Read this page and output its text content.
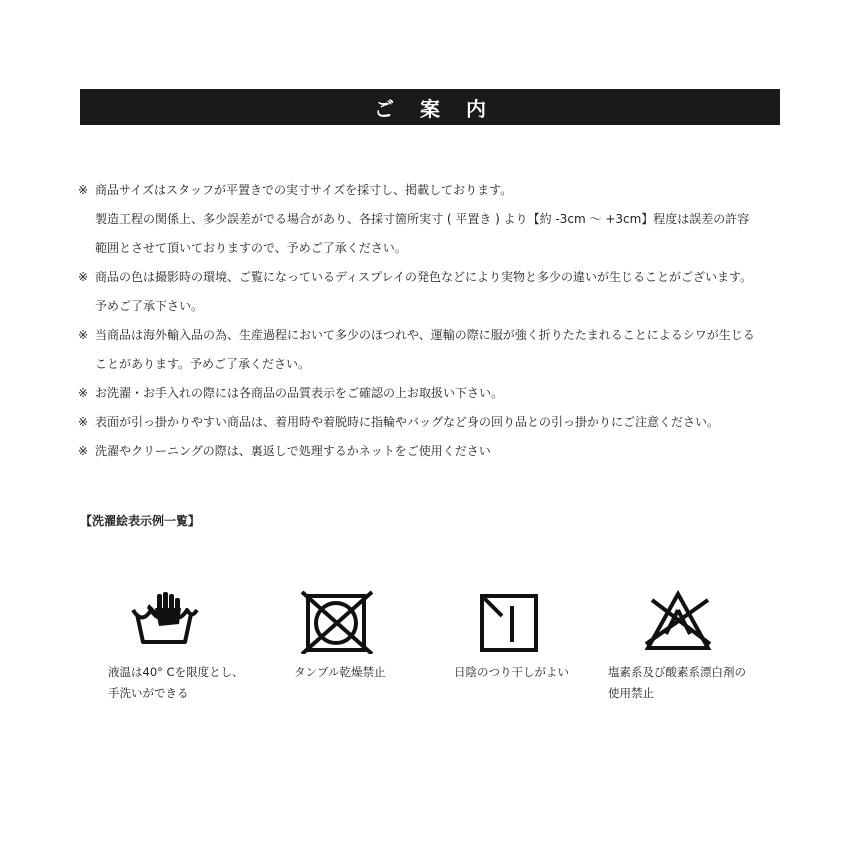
ご案内
※ 商品サイズはスタッフが平置きでの実寸サイズを採寸し、掲載しております。
製造工程の関係上、多少誤差がでる場合があり、各採寸箇所実寸 ( 平置き ) より【約 -3cm 〜 +3cm】程度は誤差の許容
範囲とさせて頂いておりますので、予めご了承ください。
※ 商品の色は撮影時の環境、ご覧になっているディスプレイの発色などにより実物と多少の違いが生じることがございます。
予めご了承下さい。
※ 当商品は海外輸入品の為、生産過程において多少のほつれや、運輸の際に服が強く折りたたまれることによるシワが生じる
ことがあります。予めご了承ください。
※ お洗濯・お手入れの際には各商品の品質表示をご確認の上お取扱い下さい。
※ 表面が引っ掛かりやすい商品は、着用時や着脱時に指輪やバッグなど身の回り品との引っ掛かりにご注意ください。
※ 洗濯やクリーニングの際は、裏返しで処理するかネットをご使用ください
【洗濯絵表示例一覧】
液温は40° Cを限度とし、
手洗いができる
タンブル乾燥禁止	日陰のつり干しがよい	塩素系及び酸素系漂白剤の
使用禁止
